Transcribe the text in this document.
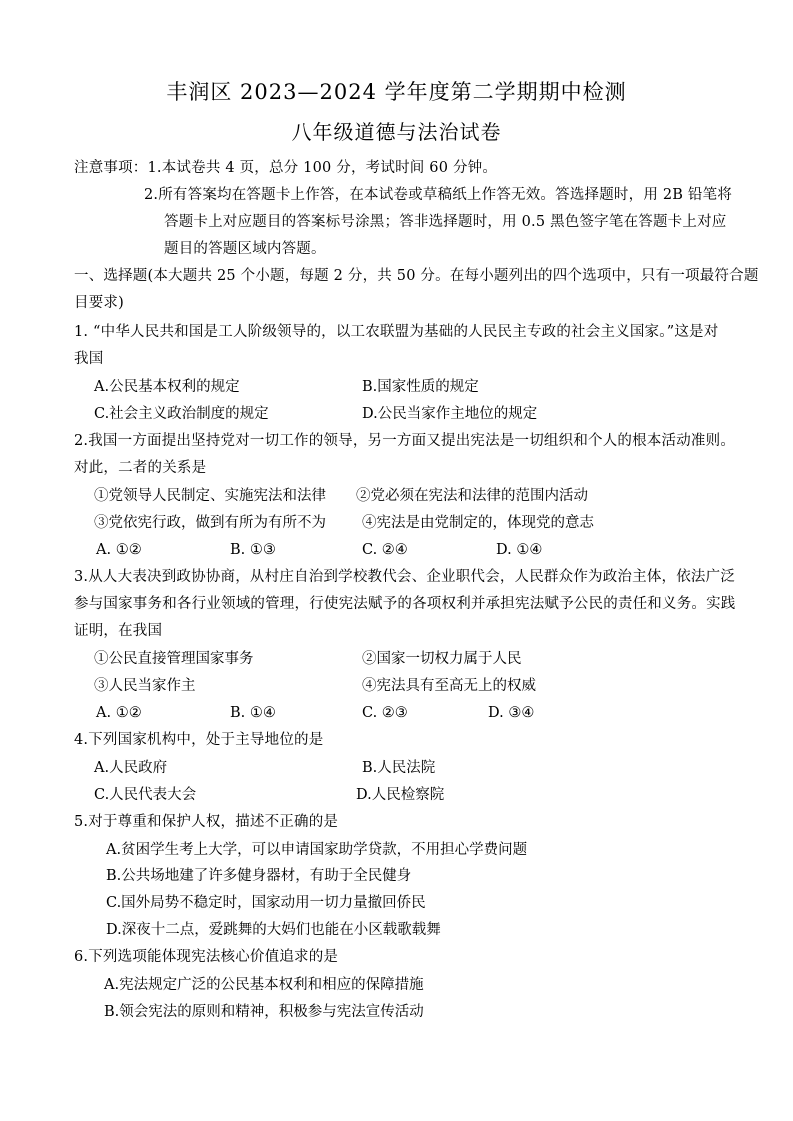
丰润区 2023—2024 学年度第二学期期中检测
八年级道德与法治试卷
注意事项：1.本试卷共 4 页，总分 100 分，考试时间 60 分钟。
2.所有答案均在答题卡上作答，在本试卷或草稿纸上作答无效。答选择题时，用 2B 铅笔将
答题卡上对应题目的答案标号涂黑；答非选择题时，用 0.5 黑色签字笔在答题卡上对应
题目的答题区域内答题。
一、选择题(本大题共 25 个小题，每题 2 分，共 50 分。在每小题列出的四个选项中，只有一项最符合题
目要求)
1. “中华人民共和国是工人阶级领导的，以工农联盟为基础的人民民主专政的社会主义国家。”这是对
我国
A.公民基本权利的规定	B.国家性质的规定
C.社会主义政治制度的规定	D.公民当家作主地位的规定
2.我国一方面提出坚持党对一切工作的领导，另一方面又提出宪法是一切组织和个人的根本活动准则。
对此，二者的关系是
①党领导人民制定、实施宪法和法律 ②党必须在宪法和法律的范围内活动
③党依宪行政，做到有所为有所不为 ④宪法是由党制定的，体现党的意志
A. ①②	B. ①③	C. ②④	D. ①④
3.从人大表决到政协协商，从村庄自治到学校教代会、企业职代会，人民群众作为政治主体，依法广泛
参与国家事务和各行业领域的管理，行使宪法赋予的各项权利并承担宪法赋予公民的责任和义务。实践
证明，在我国
①公民直接管理国家事务	②国家一切权力属于人民
③人民当家作主	④宪法具有至高无上的权威
A. ①②	B. ①④	C. ②③	D. ③④
4.下列国家机构中，处于主导地位的是
A.人民政府	B.人民法院
C.人民代表大会	D.人民检察院
5.对于尊重和保护人权，描述不正确的是
A.贫困学生考上大学，可以申请国家助学贷款，不用担心学费问题
B.公共场地建了许多健身器材，有助于全民健身
C.国外局势不稳定时，国家动用一切力量撤回侨民
D.深夜十二点，爱跳舞的大妈们也能在小区载歌载舞
6.下列选项能体现宪法核心价值追求的是
A.宪法规定广泛的公民基本权利和相应的保障措施
B.领会宪法的原则和精神，积极参与宪法宣传活动
